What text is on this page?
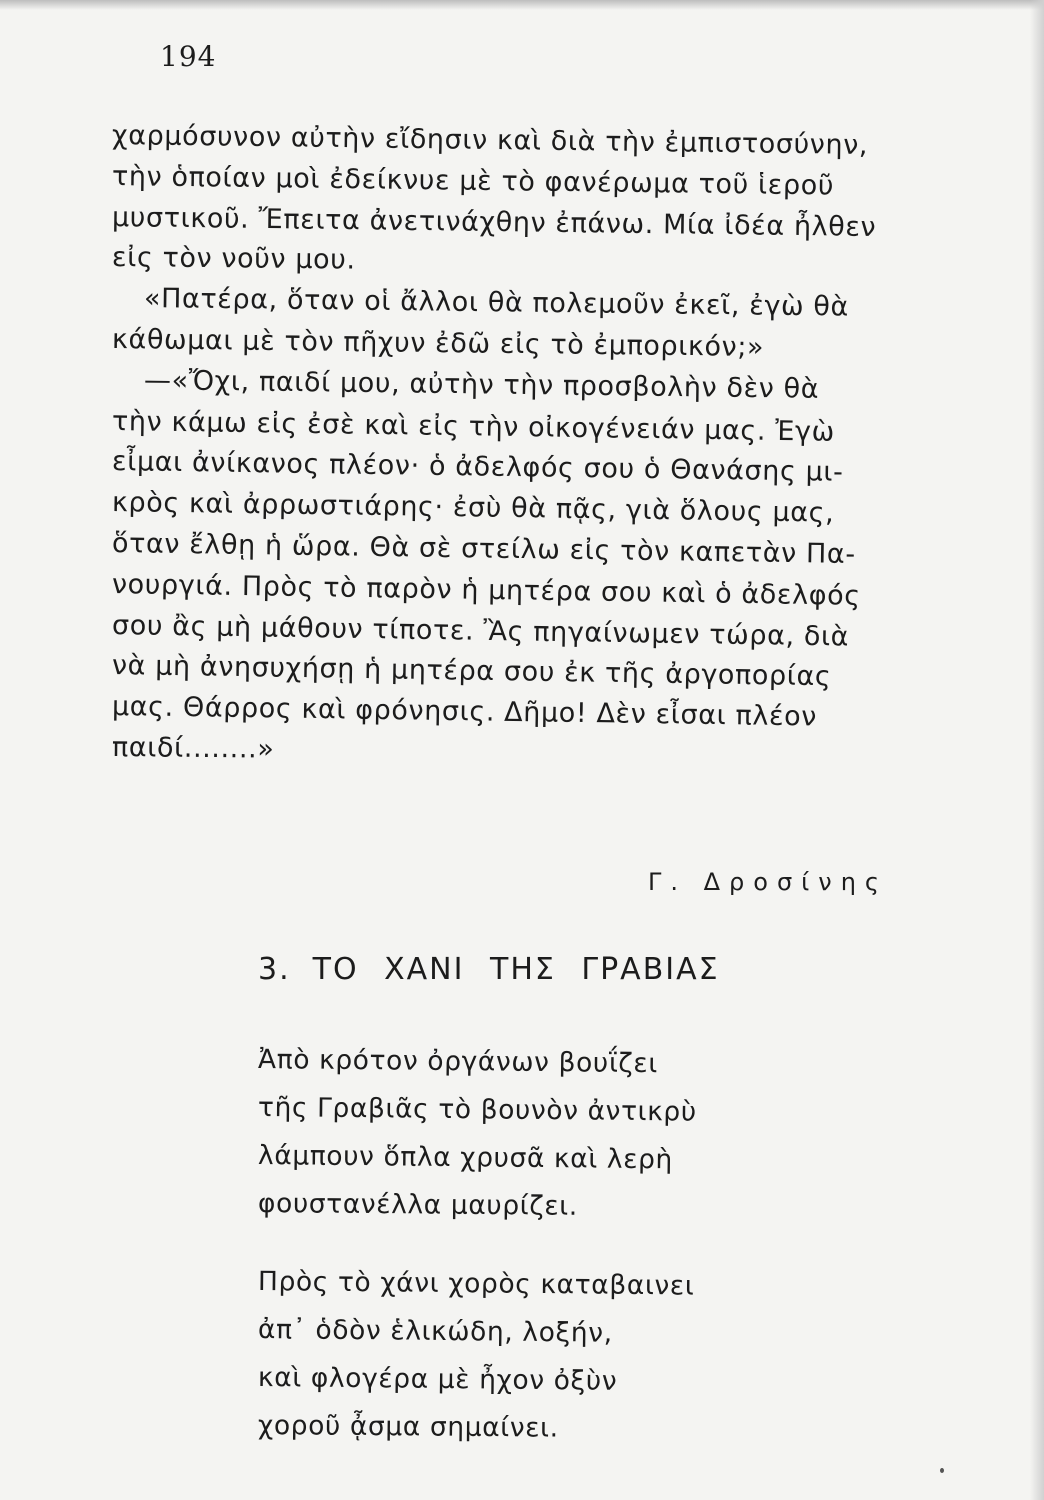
194
χαρμόσυνον αὐτὴν εἴδησιν καὶ διὰ τὴν ἐμπιστοσύνην,
τὴν ὁποίαν μοὶ ἐδείκνυε μὲ τὸ φανέρωμα τοῦ ἱεροῦ
μυστικοῦ. Ἔπειτα ἀνετινάχθην ἐπάνω. Μία ἰδέα ἦλθεν
εἰς τὸν νοῦν μου.
«Πατέρα, ὅταν οἱ ἄλλοι θὰ πολεμοῦν ἐκεῖ, ἐγὼ θὰ
κάθωμαι μὲ τὸν πῆχυν ἐδῶ εἰς τὸ ἐμπορικόν;»
—«Ὄχι, παιδί μου, αὐτὴν τὴν προσβολὴν δὲν θὰ
τὴν κάμω εἰς ἐσὲ καὶ εἰς τὴν οἰκογένειάν μας. Ἐγὼ
εἶμαι ἀνίκανος πλέον· ὁ ἀδελφός σου ὁ Θανάσης μι-
κρὸς καὶ ἀρρωστιάρης· ἐσὺ θὰ πᾷς, γιὰ ὅλους μας,
ὅταν ἔλθῃ ἡ ὥρα. Θὰ σὲ στείλω εἰς τὸν καπετὰν Πα-
νουργιά. Πρὸς τὸ παρὸν ἡ μητέρα σου καὶ ὁ ἀδελφός
σου ἂς μὴ μάθουν τίποτε. Ἂς πηγαίνωμεν τώρα, διὰ
νὰ μὴ ἀνησυχήσῃ ἡ μητέρα σου ἐκ τῆς ἀργοπορίας
μας. Θάρρος καὶ φρόνησις. Δῆμο! Δὲν εἶσαι πλέον
παιδί........»
Γ. Δροσίνης
3. ΤΟ ΧΑΝΙ ΤΗΣ ΓΡΑΒΙΑΣ
Ἀπὸ κρότον ὀργάνων βουΐζει
τῆς Γραβιᾶς τὸ βουνὸν ἀντικρὺ
λάμπουν ὅπλα χρυσᾶ καὶ λερὴ
φουστανέλλα μαυρίζει.
Πρὸς τὸ χάνι χορὸς καταβαινει
ἀπ᾿ ὁδὸν ἑλικώδη, λοξήν,
καὶ φλογέρα μὲ ἦχον ὀξὺν
χοροῦ ᾆσμα σημαίνει.
